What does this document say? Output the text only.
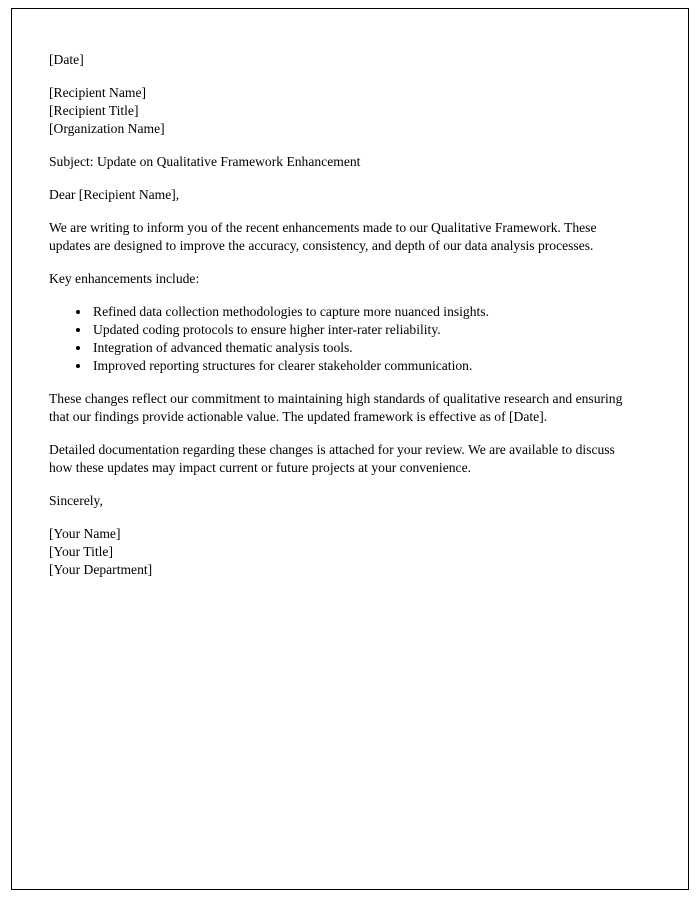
[Date]

[Recipient Name]

[Recipient Title]

[Organization Name]

Subject: Update on Qualitative Framework Enhancement

Dear [Recipient Name],

We are writing to inform you of the recent enhancements made to our Qualitative Framework. These updates are designed to improve the accuracy, consistency, and depth of our data analysis processes.

Key enhancements include:

• Refined data collection methodologies to capture more nuanced insights.
• Updated coding protocols to ensure higher inter-rater reliability.
• Integration of advanced thematic analysis tools.
• Improved reporting structures for clearer stakeholder communication.

These changes reflect our commitment to maintaining high standards of qualitative research and ensuring that our findings provide actionable value. The updated framework is effective as of [Date].

Detailed documentation regarding these changes is attached for your review. We are available to discuss how these updates may impact current or future projects at your convenience.

Sincerely,

[Your Name]

[Your Title]

[Your Department]
